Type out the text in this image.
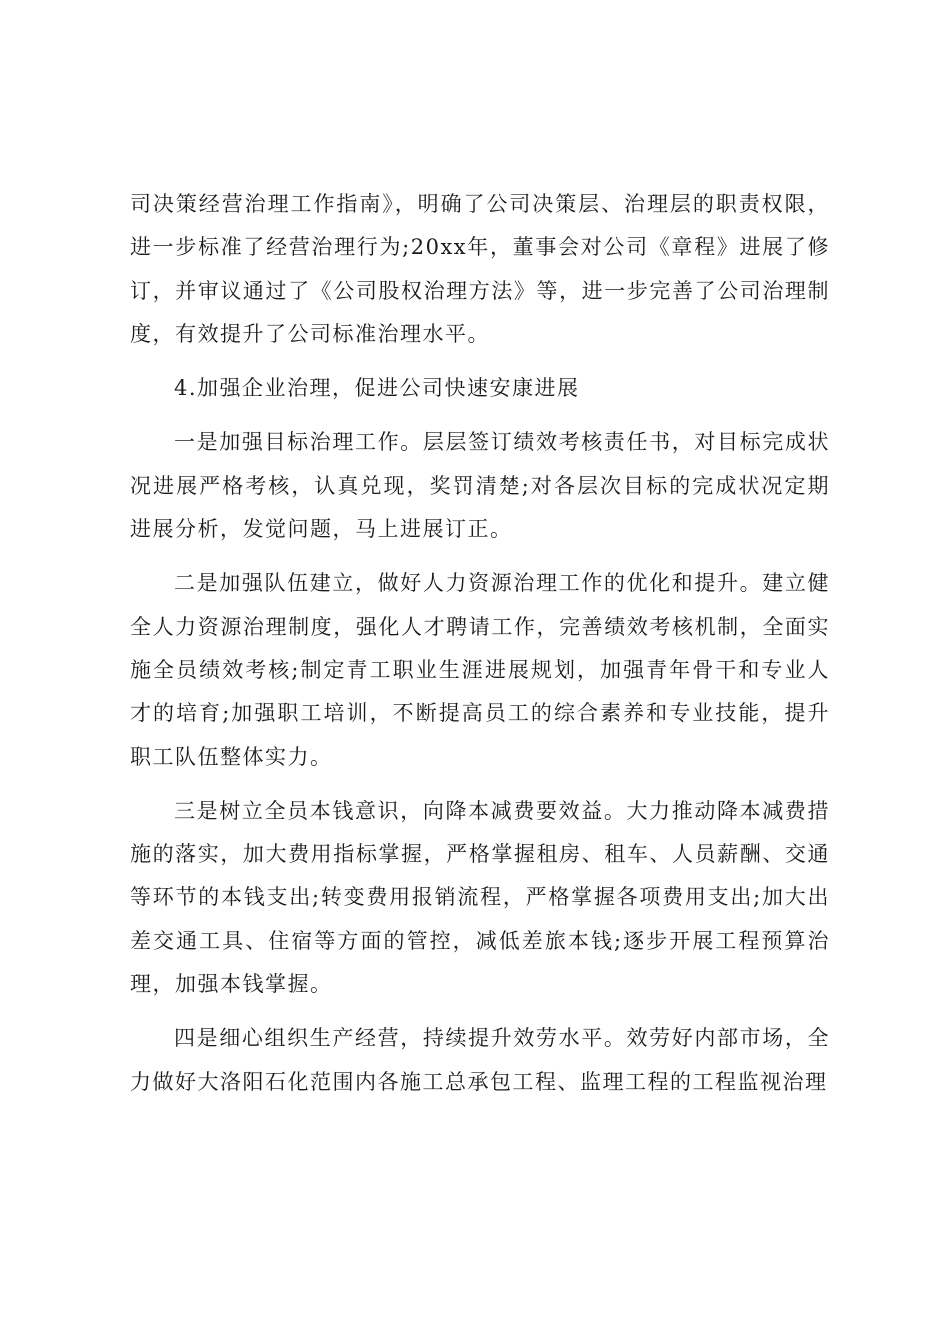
司决策经营治理工作指南》，明确了公司决策层、治理层的职责权限，进一步标准了经营治理行为;20xx年，董事会对公司《章程》进展了修订，并审议通过了《公司股权治理方法》等，进一步完善了公司治理制度，有效提升了公司标准治理水平。

4.加强企业治理，促进公司快速安康进展

一是加强目标治理工作。层层签订绩效考核责任书，对目标完成状况进展严格考核，认真兑现，奖罚清楚;对各层次目标的完成状况定期进展分析，发觉问题，马上进展订正。

二是加强队伍建立，做好人力资源治理工作的优化和提升。建立健全人力资源治理制度，强化人才聘请工作，完善绩效考核机制，全面实施全员绩效考核;制定青工职业生涯进展规划，加强青年骨干和专业人才的培育;加强职工培训，不断提高员工的综合素养和专业技能，提升职工队伍整体实力。

三是树立全员本钱意识，向降本减费要效益。大力推动降本减费措施的落实，加大费用指标掌握，严格掌握租房、租车、人员薪酬、交通等环节的本钱支出;转变费用报销流程，严格掌握各项费用支出;加大出差交通工具、住宿等方面的管控，减低差旅本钱;逐步开展工程预算治理，加强本钱掌握。

四是细心组织生产经营，持续提升效劳水平。效劳好内部市场，全力做好大洛阳石化范围内各施工总承包工程、监理工程的工程监视治理
